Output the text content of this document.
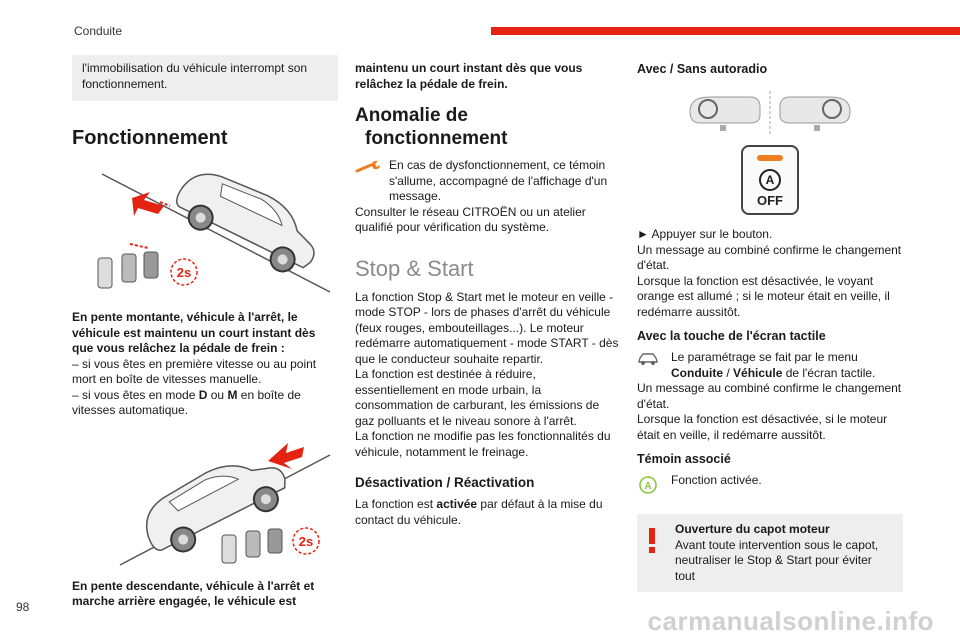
Conduite
l'immobilisation du véhicule interrompt son fonctionnement.
Fonctionnement
2s

En pente montante, véhicule à l'arrêt, le véhicule est maintenu un court instant dès que vous relâchez la pédale de frein :

– si vous êtes en première vitesse ou au point mort en boîte de vitesses manuelle.

– si vous êtes en mode D ou M en boîte de vitesses automatique.

2s

En pente descendante, véhicule à l'arrêt et marche arrière engagée, le véhicule est

maintenu un court instant dès que vous relâchez la pédale de frein.

Anomalie de
fonctionnement

En cas de dysfonctionnement, ce témoin s'allume, accompagné de l'affichage d'un message.

Consulter le réseau CITROËN ou un atelier qualifié pour vérification du système.

Stop & Start

La fonction Stop & Start met le moteur en veille - mode STOP - lors de phases d'arrêt du véhicule (feux rouges, embouteillages...). Le moteur redémarre automatiquement - mode START - dès que le conducteur souhaite repartir.

La fonction est destinée à réduire, essentiellement en mode urbain, la consommation de carburant, les émissions de gaz polluants et le niveau sonore à l'arrêt.

La fonction ne modifie pas les fonctionnalités du véhicule, notamment le freinage.

Désactivation / Réactivation

La fonction est activée par défaut à la mise du contact du véhicule.

Avec / Sans autoradio
A
OFF

► Appuyer sur le bouton.

Un message au combiné confirme le changement d'état.

Lorsque la fonction est désactivée, le voyant orange est allumé ; si le moteur était en veille, il redémarre aussitôt.

Avec la touche de l'écran tactile

Le paramétrage se fait par le menu Conduite / Véhicule de l'écran tactile.

Un message au combiné confirme le changement d'état.

Lorsque la fonction est désactivée, si le moteur était en veille, il redémarre aussitôt.

Témoin associé
A Fonction activée.

Ouverture du capot moteur

Avant toute intervention sous le capot, neutraliser le Stop & Start pour éviter tout

98	carmanualsonline.info
